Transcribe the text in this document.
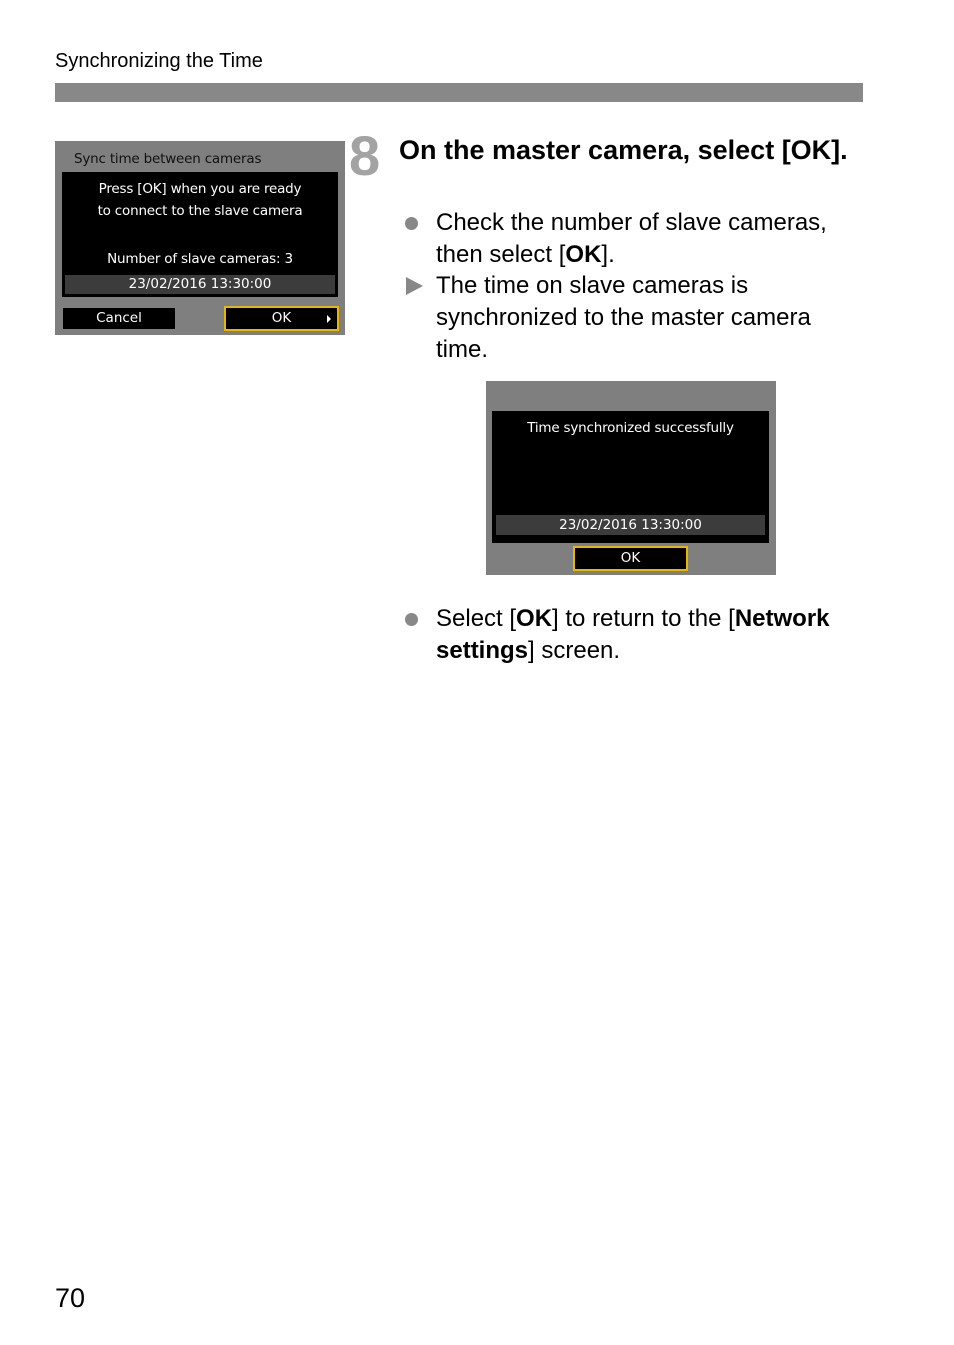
Synchronizing the Time
Sync time between cameras
Press [OK] when you are ready
to connect to the slave camera
Number of slave cameras: 3
23/02/2016 13:30:00
Cancel	OK
8 On the master camera, select [OK].
Check the number of slave cameras, then select [OK].
The time on slave cameras is synchronized to the master camera time.
Time synchronized successfully
23/02/2016 13:30:00
OK
Select [OK] to return to the [Network settings] screen.
70
